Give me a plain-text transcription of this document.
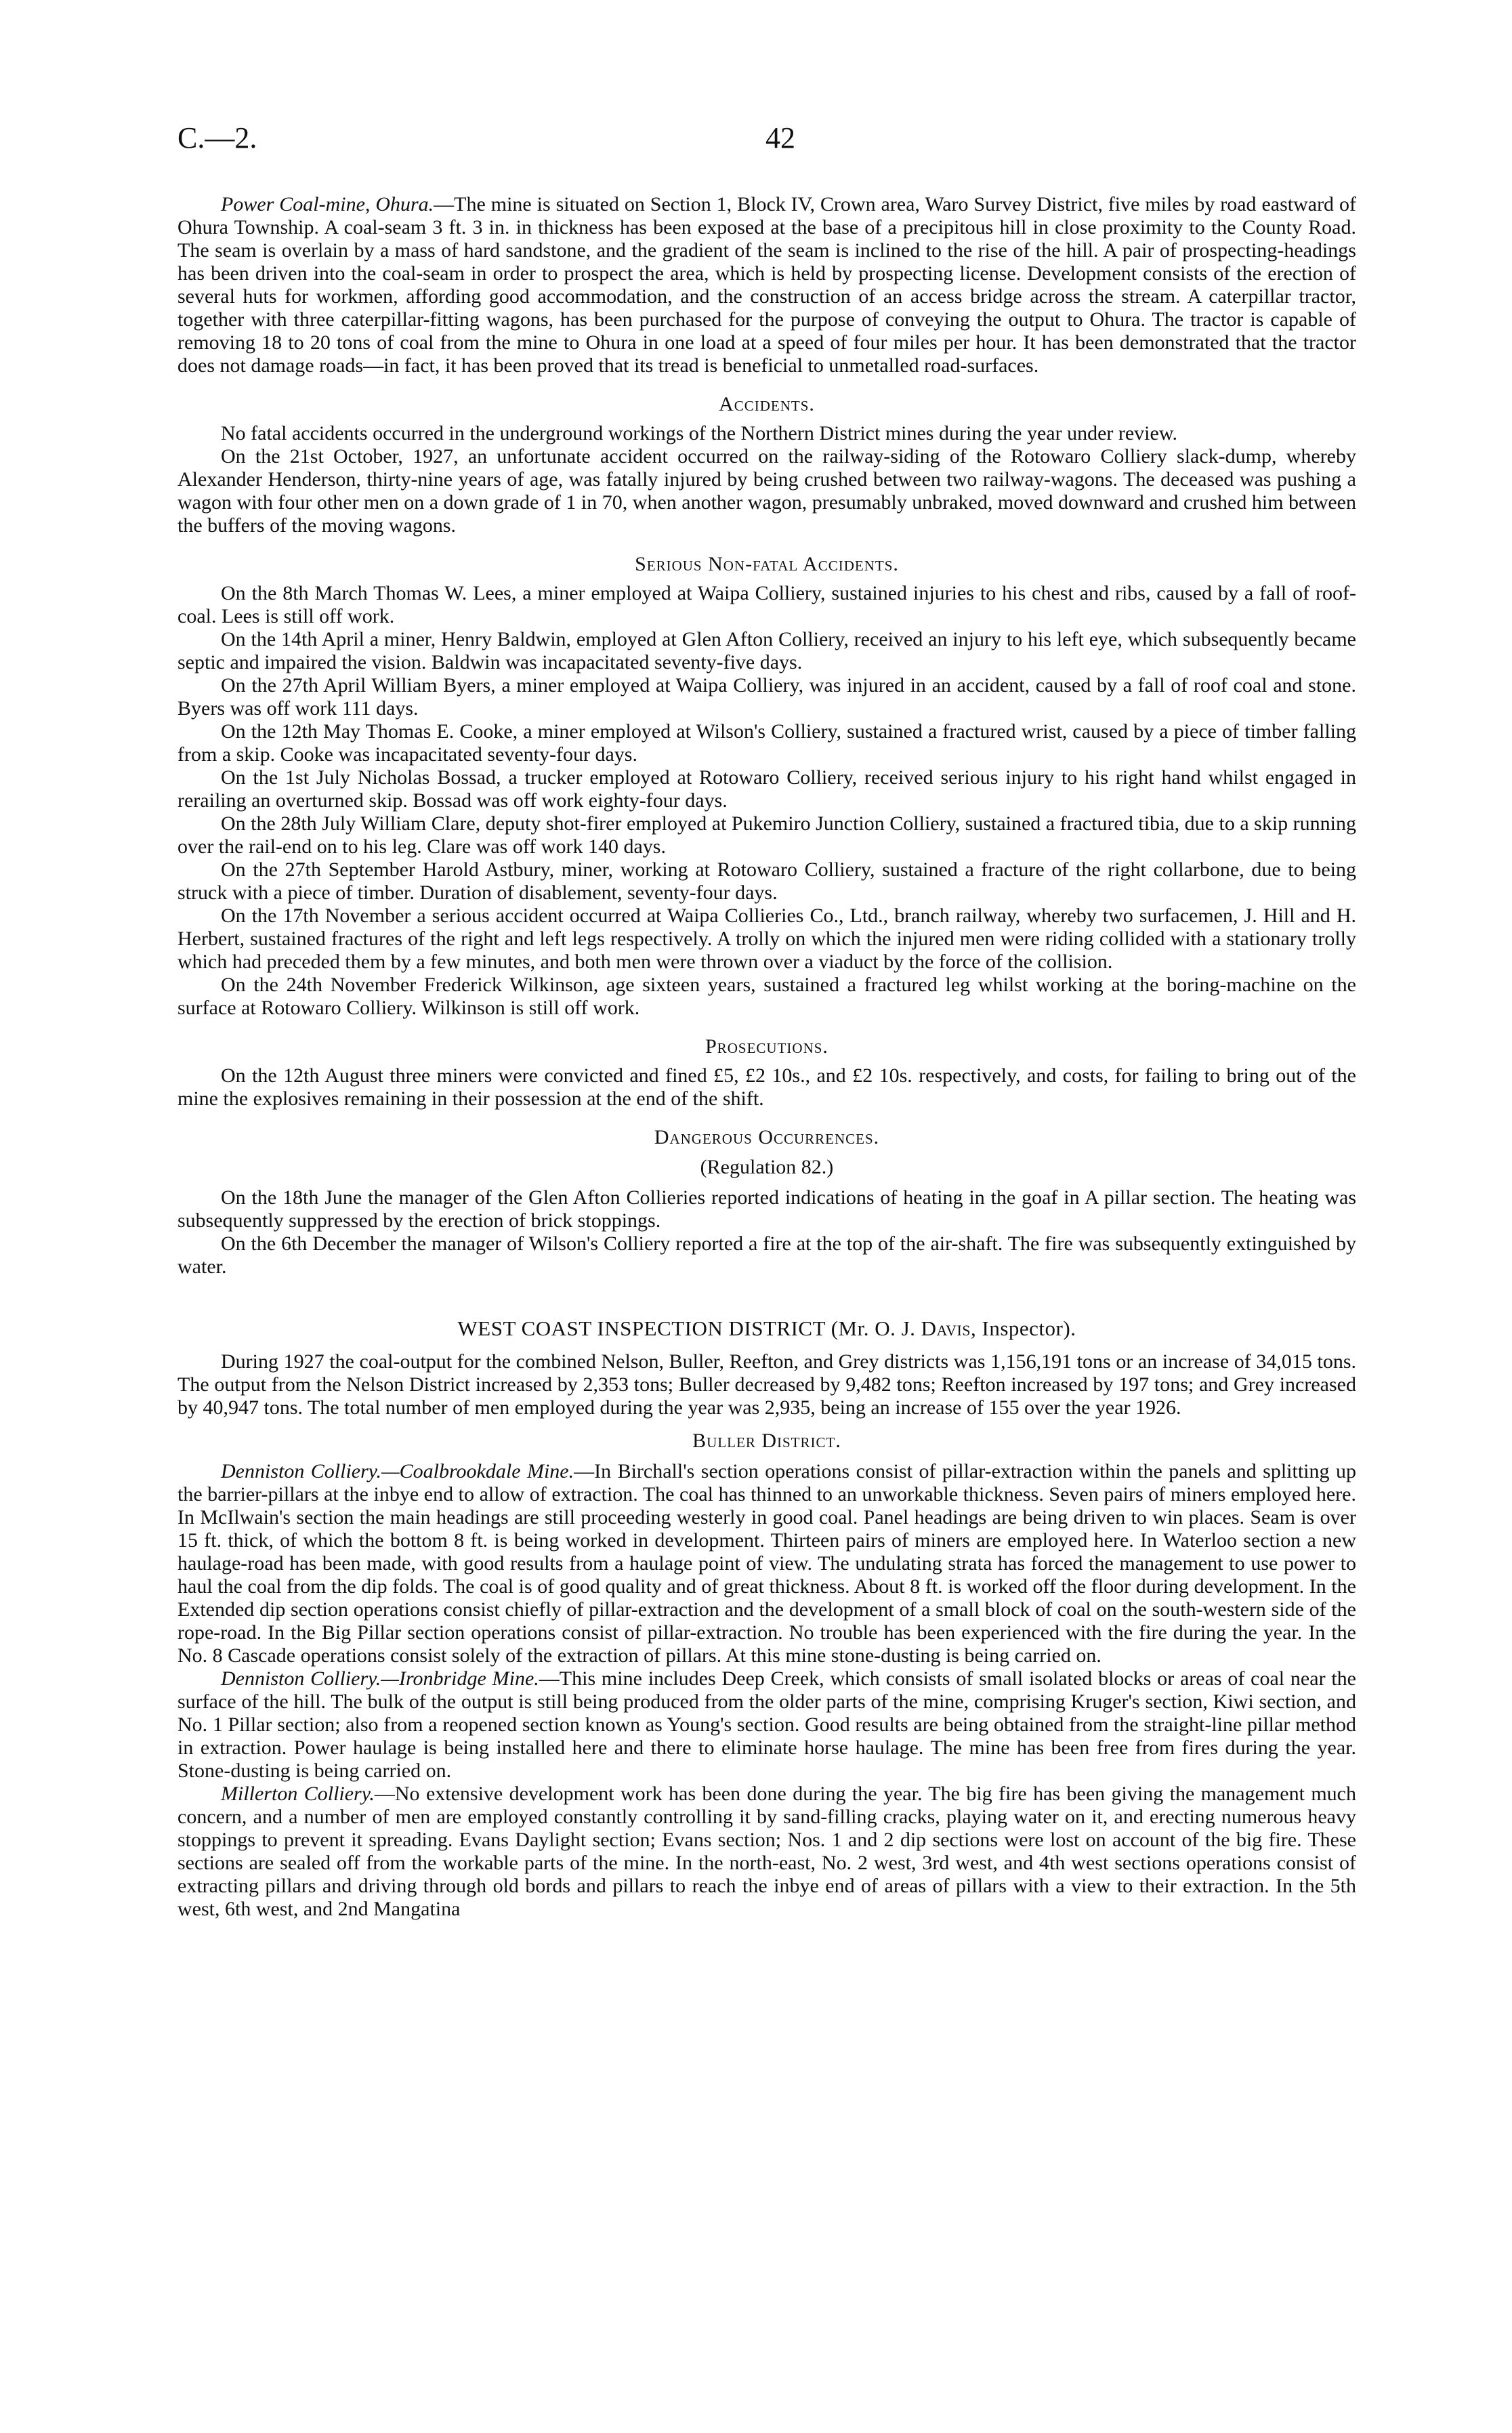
C.—2.	42

Power Coal-mine, Ohura.—The mine is situated on Section 1, Block IV, Crown area, Waro Survey District, five miles by road eastward of Ohura Township. A coal-seam 3 ft. 3 in. in thickness has been exposed at the base of a precipitous hill in close proximity to the County Road. The seam is overlain by a mass of hard sandstone, and the gradient of the seam is inclined to the rise of the hill. A pair of prospecting-headings has been driven into the coal-seam in order to prospect the area, which is held by prospecting license. Development consists of the erection of several huts for workmen, affording good accommodation, and the construction of an access bridge across the stream. A caterpillar tractor, together with three caterpillar-fitting wagons, has been purchased for the purpose of conveying the output to Ohura. The tractor is capable of removing 18 to 20 tons of coal from the mine to Ohura in one load at a speed of four miles per hour. It has been demonstrated that the tractor does not damage roads—in fact, it has been proved that its tread is beneficial to unmetalled road-surfaces.

Accidents.

No fatal accidents occurred in the underground workings of the Northern District mines during the year under review.

On the 21st October, 1927, an unfortunate accident occurred on the railway-siding of the Rotowaro Colliery slack-dump, whereby Alexander Henderson, thirty-nine years of age, was fatally injured by being crushed between two railway-wagons. The deceased was pushing a wagon with four other men on a down grade of 1 in 70, when another wagon, presumably unbraked, moved downward and crushed him between the buffers of the moving wagons.

Serious Non-fatal Accidents.

On the 8th March Thomas W. Lees, a miner employed at Waipa Colliery, sustained injuries to his chest and ribs, caused by a fall of roof-coal. Lees is still off work.

On the 14th April a miner, Henry Baldwin, employed at Glen Afton Colliery, received an injury to his left eye, which subsequently became septic and impaired the vision. Baldwin was incapacitated seventy-five days.

On the 27th April William Byers, a miner employed at Waipa Colliery, was injured in an accident, caused by a fall of roof coal and stone. Byers was off work 111 days.

On the 12th May Thomas E. Cooke, a miner employed at Wilson's Colliery, sustained a fractured wrist, caused by a piece of timber falling from a skip. Cooke was incapacitated seventy-four days.

On the 1st July Nicholas Bossad, a trucker employed at Rotowaro Colliery, received serious injury to his right hand whilst engaged in rerailing an overturned skip. Bossad was off work eighty-four days.

On the 28th July William Clare, deputy shot-firer employed at Pukemiro Junction Colliery, sustained a fractured tibia, due to a skip running over the rail-end on to his leg. Clare was off work 140 days.

On the 27th September Harold Astbury, miner, working at Rotowaro Colliery, sustained a fracture of the right collarbone, due to being struck with a piece of timber. Duration of disablement, seventy-four days.

On the 17th November a serious accident occurred at Waipa Collieries Co., Ltd., branch railway, whereby two surfacemen, J. Hill and H. Herbert, sustained fractures of the right and left legs respectively. A trolly on which the injured men were riding collided with a stationary trolly which had preceded them by a few minutes, and both men were thrown over a viaduct by the force of the collision.

On the 24th November Frederick Wilkinson, age sixteen years, sustained a fractured leg whilst working at the boring-machine on the surface at Rotowaro Colliery. Wilkinson is still off work.

Prosecutions.

On the 12th August three miners were convicted and fined £5, £2 10s., and £2 10s. respectively, and costs, for failing to bring out of the mine the explosives remaining in their possession at the end of the shift.

Dangerous Occurrences.
(Regulation 82.)

On the 18th June the manager of the Glen Afton Collieries reported indications of heating in the goaf in A pillar section. The heating was subsequently suppressed by the erection of brick stoppings.

On the 6th December the manager of Wilson's Colliery reported a fire at the top of the air-shaft. The fire was subsequently extinguished by water.

WEST COAST INSPECTION DISTRICT (Mr. O. J. Davis, Inspector).

During 1927 the coal-output for the combined Nelson, Buller, Reefton, and Grey districts was 1,156,191 tons or an increase of 34,015 tons. The output from the Nelson District increased by 2,353 tons; Buller decreased by 9,482 tons; Reefton increased by 197 tons; and Grey increased by 40,947 tons. The total number of men employed during the year was 2,935, being an increase of 155 over the year 1926.

Buller District.

Denniston Colliery.—Coalbrookdale Mine.—In Birchall's section operations consist of pillar-extraction within the panels and splitting up the barrier-pillars at the inbye end to allow of extraction. The coal has thinned to an unworkable thickness. Seven pairs of miners employed here. In McIlwain's section the main headings are still proceeding westerly in good coal. Panel headings are being driven to win places. Seam is over 15 ft. thick, of which the bottom 8 ft. is being worked in development. Thirteen pairs of miners are employed here. In Waterloo section a new haulage-road has been made, with good results from a haulage point of view. The undulating strata has forced the management to use power to haul the coal from the dip folds. The coal is of good quality and of great thickness. About 8 ft. is worked off the floor during development. In the Extended dip section operations consist chiefly of pillar-extraction and the development of a small block of coal on the south-western side of the rope-road. In the Big Pillar section operations consist of pillar-extraction. No trouble has been experienced with the fire during the year. In the No. 8 Cascade operations consist solely of the extraction of pillars. At this mine stone-dusting is being carried on.

Denniston Colliery.—Ironbridge Mine.—This mine includes Deep Creek, which consists of small isolated blocks or areas of coal near the surface of the hill. The bulk of the output is still being produced from the older parts of the mine, comprising Kruger's section, Kiwi section, and No. 1 Pillar section; also from a reopened section known as Young's section. Good results are being obtained from the straight-line pillar method in extraction. Power haulage is being installed here and there to eliminate horse haulage. The mine has been free from fires during the year. Stone-dusting is being carried on.

Millerton Colliery.—No extensive development work has been done during the year. The big fire has been giving the management much concern, and a number of men are employed constantly controlling it by sand-filling cracks, playing water on it, and erecting numerous heavy stoppings to prevent it spreading. Evans Daylight section; Evans section; Nos. 1 and 2 dip sections were lost on account of the big fire. These sections are sealed off from the workable parts of the mine. In the north-east, No. 2 west, 3rd west, and 4th west sections operations consist of extracting pillars and driving through old bords and pillars to reach the inbye end of areas of pillars with a view to their extraction. In the 5th west, 6th west, and 2nd Mangatina
